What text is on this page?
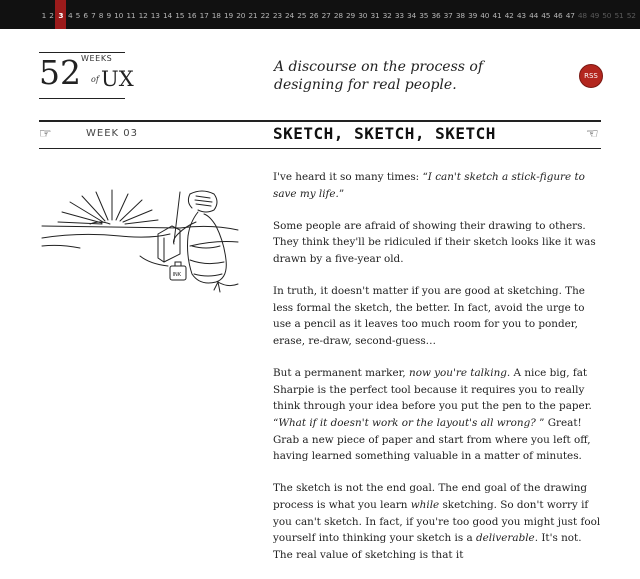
1 2 3 4 5 6 7 8 9 10 11 12 13 14 15 16 17 18 19 20 21 22 23 24 25 26 27 28 29 30 31 32 33 34 35 36 37 38 39 40 41 42 43 44 45 46 47 48 49 50 51 52
52 WEEKS
of UX	A discourse on the process of
designing for real people.
RSS
☞	WEEK 03	SKETCH, SKETCH, SKETCH	☜
INK

I've heard it so many times: “I can't sketch a stick-figure to save my life.”

Some people are afraid of showing their drawing to others. They think they'll be ridiculed if their sketch looks like it was drawn by a five-year old.

In truth, it doesn't matter if you are good at sketching. The less formal the sketch, the better. In fact, avoid the urge to use a pencil as it leaves too much room for you to ponder, erase, re-draw, second-guess…

But a permanent marker, now you're talking. A nice big, fat Sharpie is the perfect tool because it requires you to really think through your idea before you put the pen to the paper. “What if it doesn't work or the layout's all wrong? ” Great! Grab a new piece of paper and start from where you left off, having learned something valuable in a matter of minutes.

The sketch is not the end goal. The end goal of the drawing process is what you learn while sketching. So don't worry if you can't sketch. In fact, if you're too good you might just fool yourself into thinking your sketch is a deliverable. It's not. The real value of sketching is that it
